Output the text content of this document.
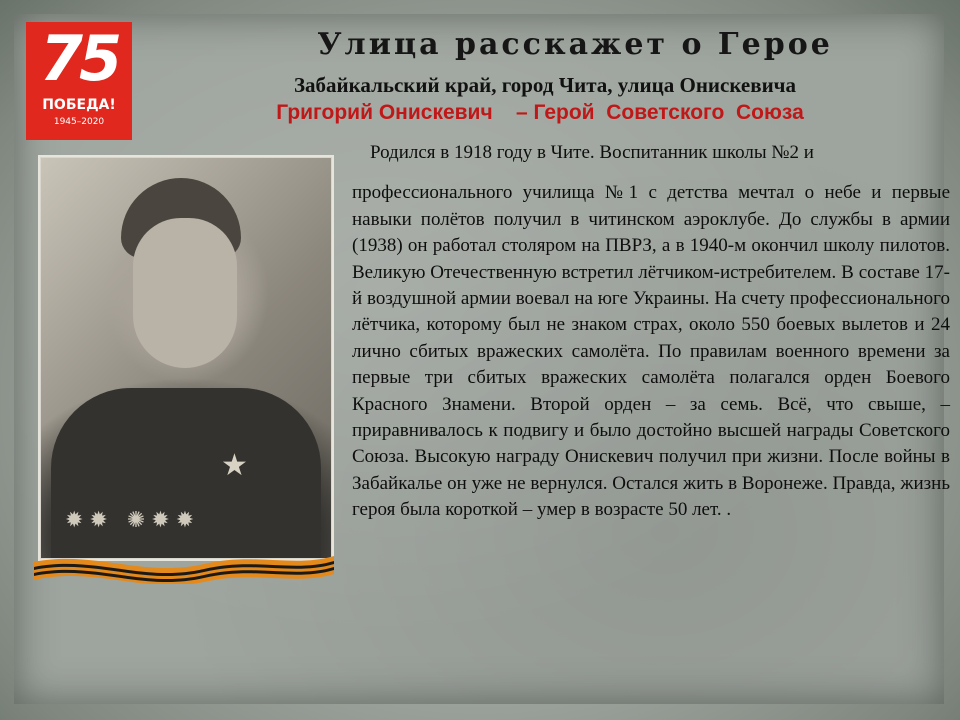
75
ПОБЕДА!
1945–2020
Улица расскажет о Герое
Забайкальский край, город Чита, улица Онискевича
Григорий Онискевич    – Герой  Советского  Союза
★
✹✹ ✺✹✹
Родился в 1918 году в Чите. Воспитанник школы №2 и
профессионального училища №1 с детства мечтал о небе и первые навыки полётов получил в читинском аэроклубе. До службы в армии (1938) он работал столяром на ПВРЗ, а в 1940-м окончил школу пилотов. Великую Отечественную встретил лётчиком-истребителем. В составе 17-й воздушной армии воевал на юге Украины. На счету профессионального лётчика, которому был не знаком страх, около 550 боевых вылетов и 24 лично сбитых вражеских самолёта. По правилам военного времени за первые три сбитых вражеских самолёта полагался орден Боевого Красного Знамени. Второй орден – за семь. Всё, что свыше, – приравнивалось к подвигу и было достойно высшей награды Советского Союза. Высокую награду Онискевич получил при жизни. После войны в Забайкалье он уже не вернулся. Остался жить в Воронеже. Правда, жизнь героя была короткой – умер в возрасте 50 лет. .
